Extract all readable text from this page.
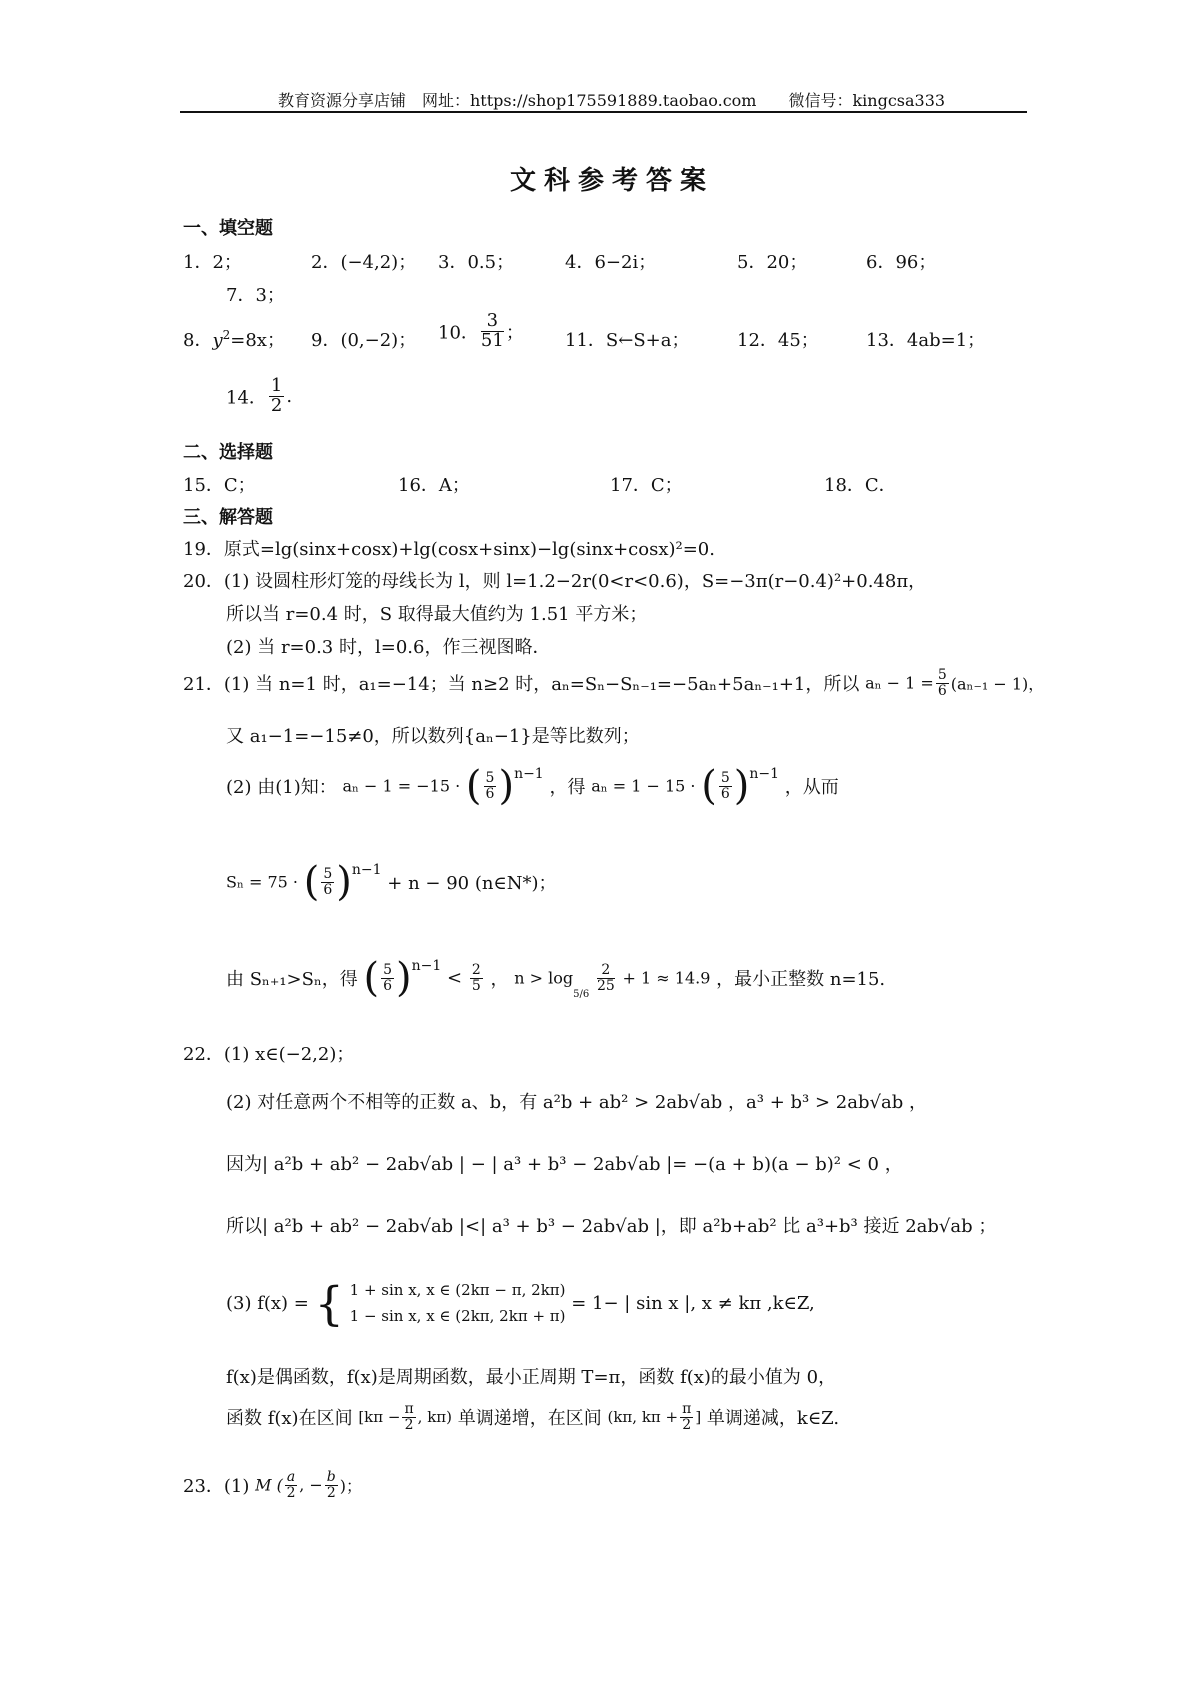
教育资源分享店铺　网址：https://shop175591889.taobao.com　　微信号：kingcsa333
文科参考答案
一、填空题
1．2；	2．(−4,2)； 3．0.5；	4．6−2i；	5．20；	6．96；
7．3；
8．$y^2=8x$； 9．(0,−2)； 10． $\frac{3}{51}$ ； 11．S←S+a；	12．45；	13．4ab=1；
14． $\frac{1}{2}$ .
二、选择题
15．C；	16．A；	17．C；	18．C．
三、解答题
19．原式=lg(sinx+cosx)+lg(cosx+sinx)−lg(sinx+cosx)²=0.
20．(1) 设圆柱形灯笼的母线长为 l，则 l=1.2−2r(0<r<0.6)，S=−3π(r−0.4)²+0.48π，
所以当 r=0.4 时，S 取得最大值约为 1.51 平方米；
(2) 当 r=0.3 时，l=0.6，作三视图略．
21．(1) 当 n=1 时，a₁=−14；当 n≥2 时，aₙ=Sₙ−Sₙ₋₁=−5aₙ+5aₙ₋₁+1，所以 $a_n - 1 = \frac{5}{6} (a_{n-1} - 1)$，
又 a₁−1=−15≠0，所以数列{aₙ−1}是等比数列；
(2) 由(1)知： aₙ − 1 = −15 · ( $\frac{5}{6} )^{n-1}$ ，得 aₙ = 1 − 15 · ( $\frac{5}{6} )^{n-1}$ ，从而
Sₙ = 75 · ( $\frac{5}{6} )^{n-1} + n - 90$ (n∈N*)；
由 Sₙ₊₁>Sₙ，得 ( $\frac{5}{6} )^{n-1} < \frac{2}{5}$ ， $n > \log_{5/6}$
$\frac{2}{25} + 1 \approx 14.9$ ，最小正整数 n=15.
22．(1) x∈(−2,2)；
(2) 对任意两个不相等的正数 a、b，有 a²b + ab² > 2ab√ab ，a³ + b³ > 2ab√ab ，
因为| a²b + ab² − 2ab√ab | − | a³ + b³ − 2ab√ab |= −(a + b)(a − b)² < 0 ，
所以| a²b + ab² − 2ab√ab |<| a³ + b³ − 2ab√ab |，即 a²b+ab² 比 a³+b³ 接近 2ab√ab ；
(3) f(x) = { 1 + sin x, x ∈ (2kπ − π, 2kπ)
1 − sin x, x ∈ (2kπ, 2kπ + π)
= 1− | sin x |, x ≠ kπ ,k∈Z,
f(x)是偶函数，f(x)是周期函数，最小正周期 T=π，函数 f(x)的最小值为 0，
函数 f(x)在区间 [$k\pi - \frac{\pi}{2}$ , kπ) 单调递增，在区间 (kπ, $k\pi + \frac{\pi}{2}$ ] 单调递减，k∈Z.
23．(1) M ( $\frac{a}{2}$ , − $\frac{b}{2}$ )；
